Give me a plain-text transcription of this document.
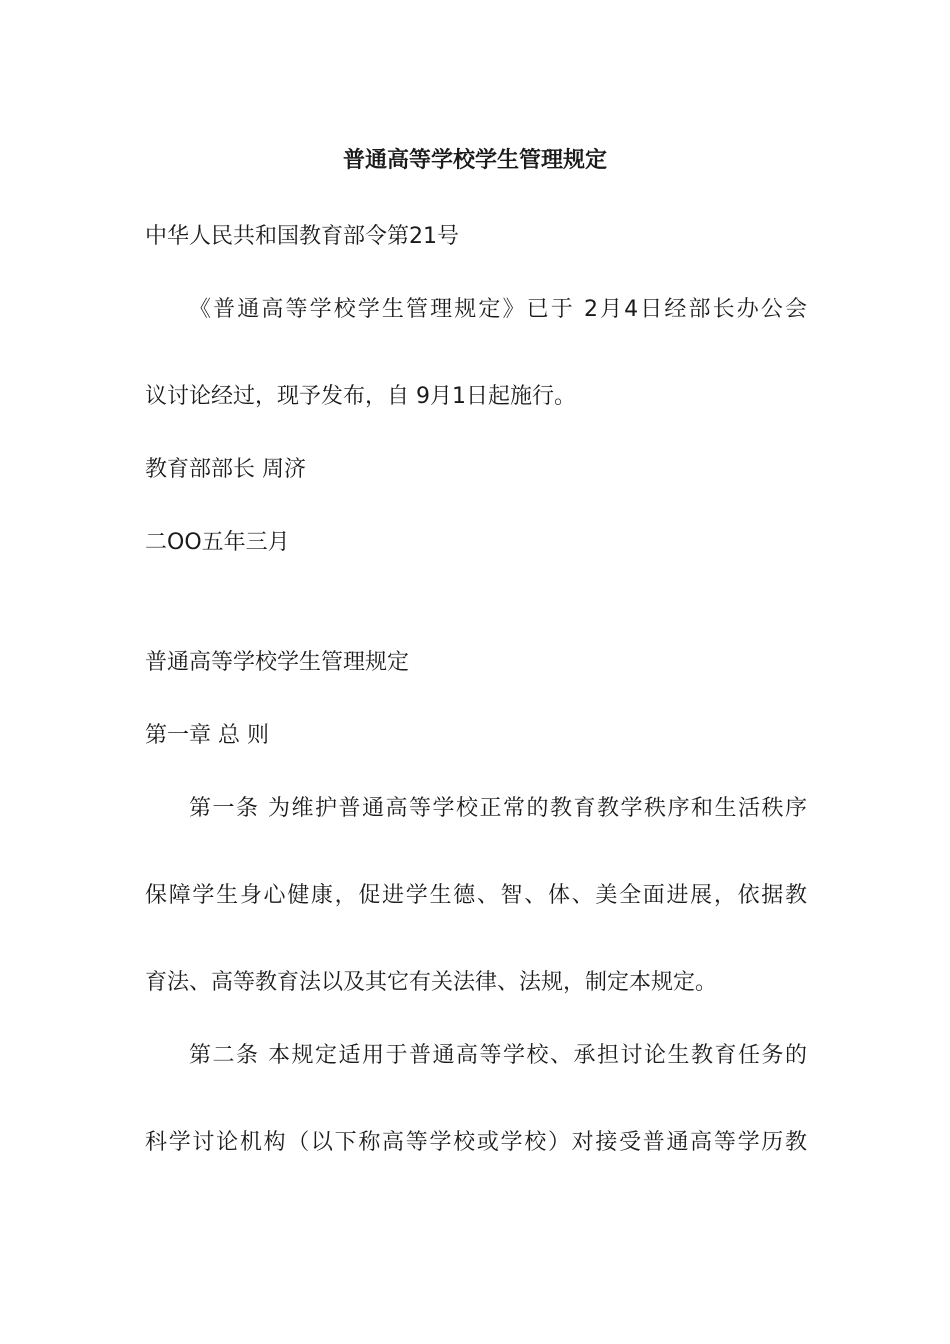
普通高等学校学生管理规定
中华人民共和国教育部令第21号
《普通高等学校学生管理规定》已于 2月4日经部长办公会
议讨论经过，现予发布，自 9月1日起施行。
教育部部长 周济
二OO五年三月
普通高等学校学生管理规定
第一章 总 则
第一条 为维护普通高等学校正常的教育教学秩序和生活秩序
保障学生身心健康，促进学生德、智、体、美全面进展，依据教
育法、高等教育法以及其它有关法律、法规，制定本规定。
第二条 本规定适用于普通高等学校、承担讨论生教育任务的
科学讨论机构（以下称高等学校或学校）对接受普通高等学历教
